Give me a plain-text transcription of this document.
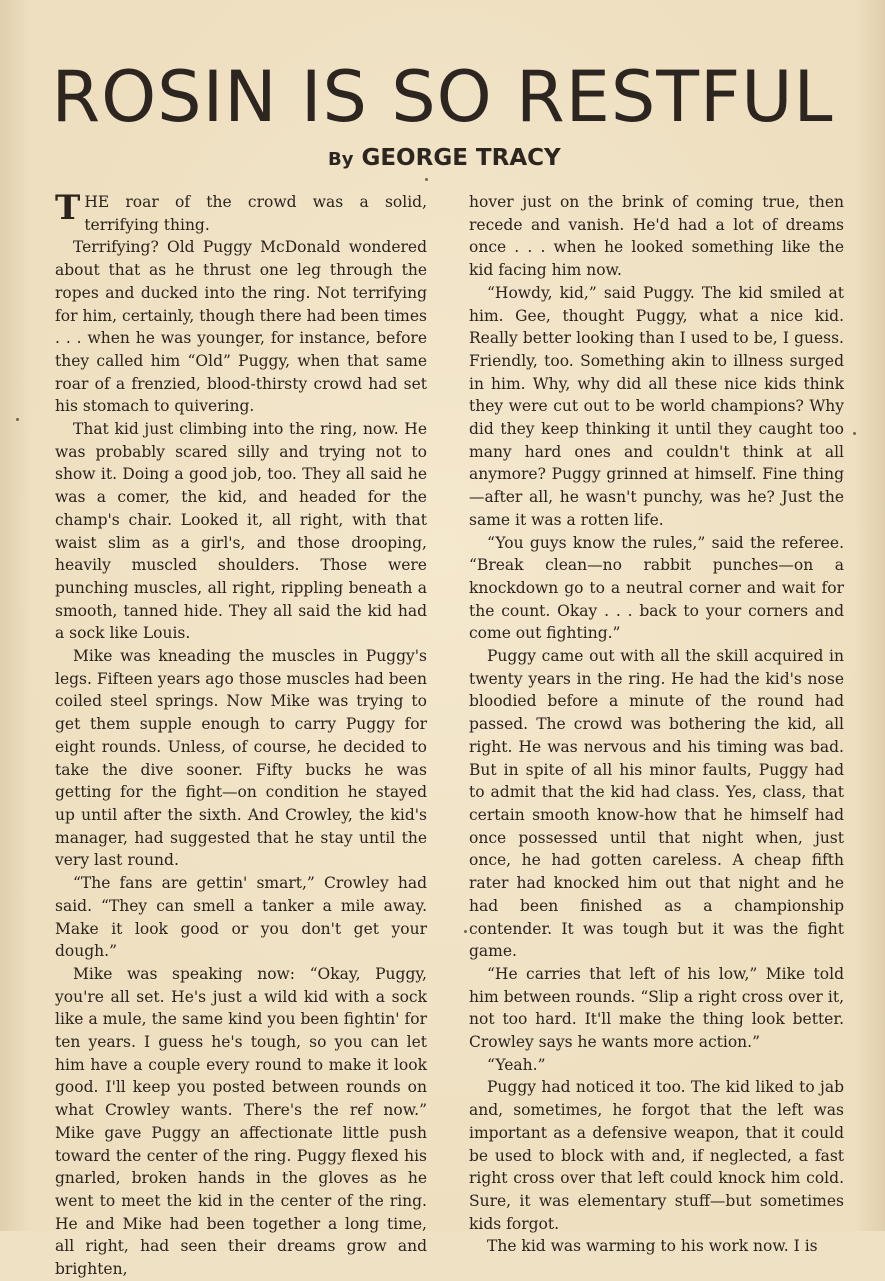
ROSIN IS SO RESTFUL
By GEORGE TRACY

THE roar of the crowd was a solid, terrifying thing.

Terrifying? Old Puggy McDonald wondered about that as he thrust one leg through the ropes and ducked into the ring. Not terrifying for him, certainly, though there had been times . . . when he was younger, for instance, before they called him “Old” Puggy, when that same roar of a frenzied, blood-thirsty crowd had set his stomach to quivering.

That kid just climbing into the ring, now. He was probably scared silly and trying not to show it. Doing a good job, too. They all said he was a comer, the kid, and headed for the champ's chair. Looked it, all right, with that waist slim as a girl's, and those drooping, heavily muscled shoulders. Those were punching muscles, all right, rippling beneath a smooth, tanned hide. They all said the kid had a sock like Louis.

Mike was kneading the muscles in Puggy's legs. Fifteen years ago those muscles had been coiled steel springs. Now Mike was trying to get them supple enough to carry Puggy for eight rounds. Unless, of course, he decided to take the dive sooner. Fifty bucks he was getting for the fight—on condition he stayed up until after the sixth. And Crowley, the kid's manager, had suggested that he stay until the very last round.

“The fans are gettin' smart,” Crowley had said. “They can smell a tanker a mile away. Make it look good or you don't get your dough.”

Mike was speaking now: “Okay, Puggy, you're all set. He's just a wild kid with a sock like a mule, the same kind you been fightin' for ten years. I guess he's tough, so you can let him have a couple every round to make it look good. I'll keep you posted between rounds on what Crowley wants. There's the ref now.” Mike gave Puggy an affectionate little push toward the center of the ring. Puggy flexed his gnarled, broken hands in the gloves as he went to meet the kid in the center of the ring. He and Mike had been together a long time, all right, had seen their dreams grow and brighten,

hover just on the brink of coming true, then recede and vanish. He'd had a lot of dreams once . . . when he looked something like the kid facing him now.

“Howdy, kid,” said Puggy. The kid smiled at him. Gee, thought Puggy, what a nice kid. Really better looking than I used to be, I guess. Friendly, too. Something akin to illness surged in him. Why, why did all these nice kids think they were cut out to be world champions? Why did they keep thinking it until they caught too many hard ones and couldn't think at all anymore? Puggy grinned at himself. Fine thing—after all, he wasn't punchy, was he? Just the same it was a rotten life.

“You guys know the rules,” said the referee. “Break clean—no rabbit punches—on a knockdown go to a neutral corner and wait for the count. Okay . . . back to your corners and come out fighting.”

Puggy came out with all the skill acquired in twenty years in the ring. He had the kid's nose bloodied before a minute of the round had passed. The crowd was bothering the kid, all right. He was nervous and his timing was bad. But in spite of all his minor faults, Puggy had to admit that the kid had class. Yes, class, that certain smooth know-how that he himself had once possessed until that night when, just once, he had gotten careless. A cheap fifth rater had knocked him out that night and he had been finished as a championship contender. It was tough but it was the fight game.

“He carries that left of his low,” Mike told him between rounds. “Slip a right cross over it, not too hard. It'll make the thing look better. Crowley says he wants more action.”

“Yeah.”

Puggy had noticed it too. The kid liked to jab and, sometimes, he forgot that the left was important as a defensive weapon, that it could be used to block with and, if neglected, a fast right cross over that left could knock him cold. Sure, it was elementary stuff—but sometimes kids forgot.

The kid was warming to his work now. I is
